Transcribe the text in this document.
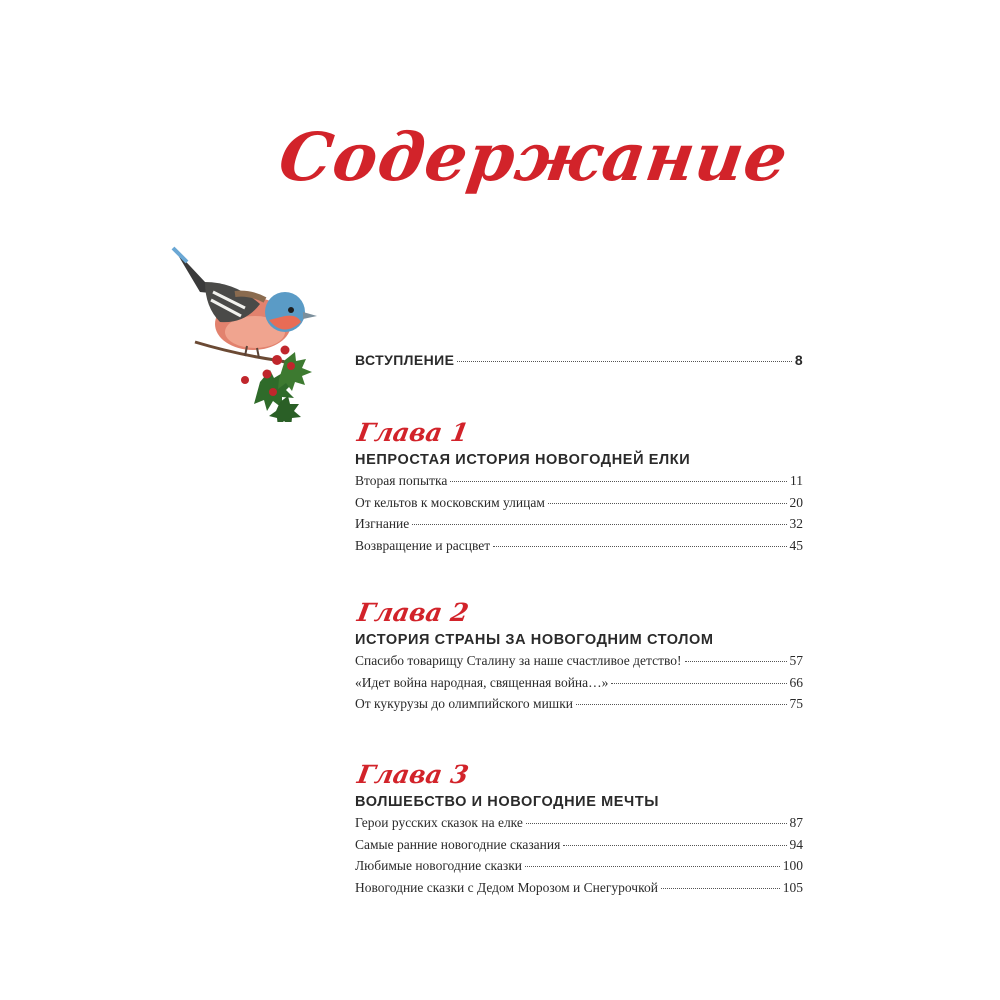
Содержание
ВСТУПЛЕНИЕ	8
Глава 1
НЕПРОСТАЯ ИСТОРИЯ НОВОГОДНЕЙ ЕЛКИ
Вторая попытка	11
От кельтов к московским улицам	20
Изгнание	32
Возвращение и расцвет	45
Глава 2
ИСТОРИЯ СТРАНЫ ЗА НОВОГОДНИМ СТОЛОМ
Спасибо товарищу Сталину за наше счастливое детство!	57
«Идет война народная, священная война…»	66
От кукурузы до олимпийского мишки	75
Глава 3
ВОЛШЕБСТВО И НОВОГОДНИЕ МЕЧТЫ
Герои русских сказок на елке	87
Самые ранние новогодние сказания	94
Любимые новогодние сказки	100
Новогодние сказки с Дедом Морозом и Снегурочкой	105
